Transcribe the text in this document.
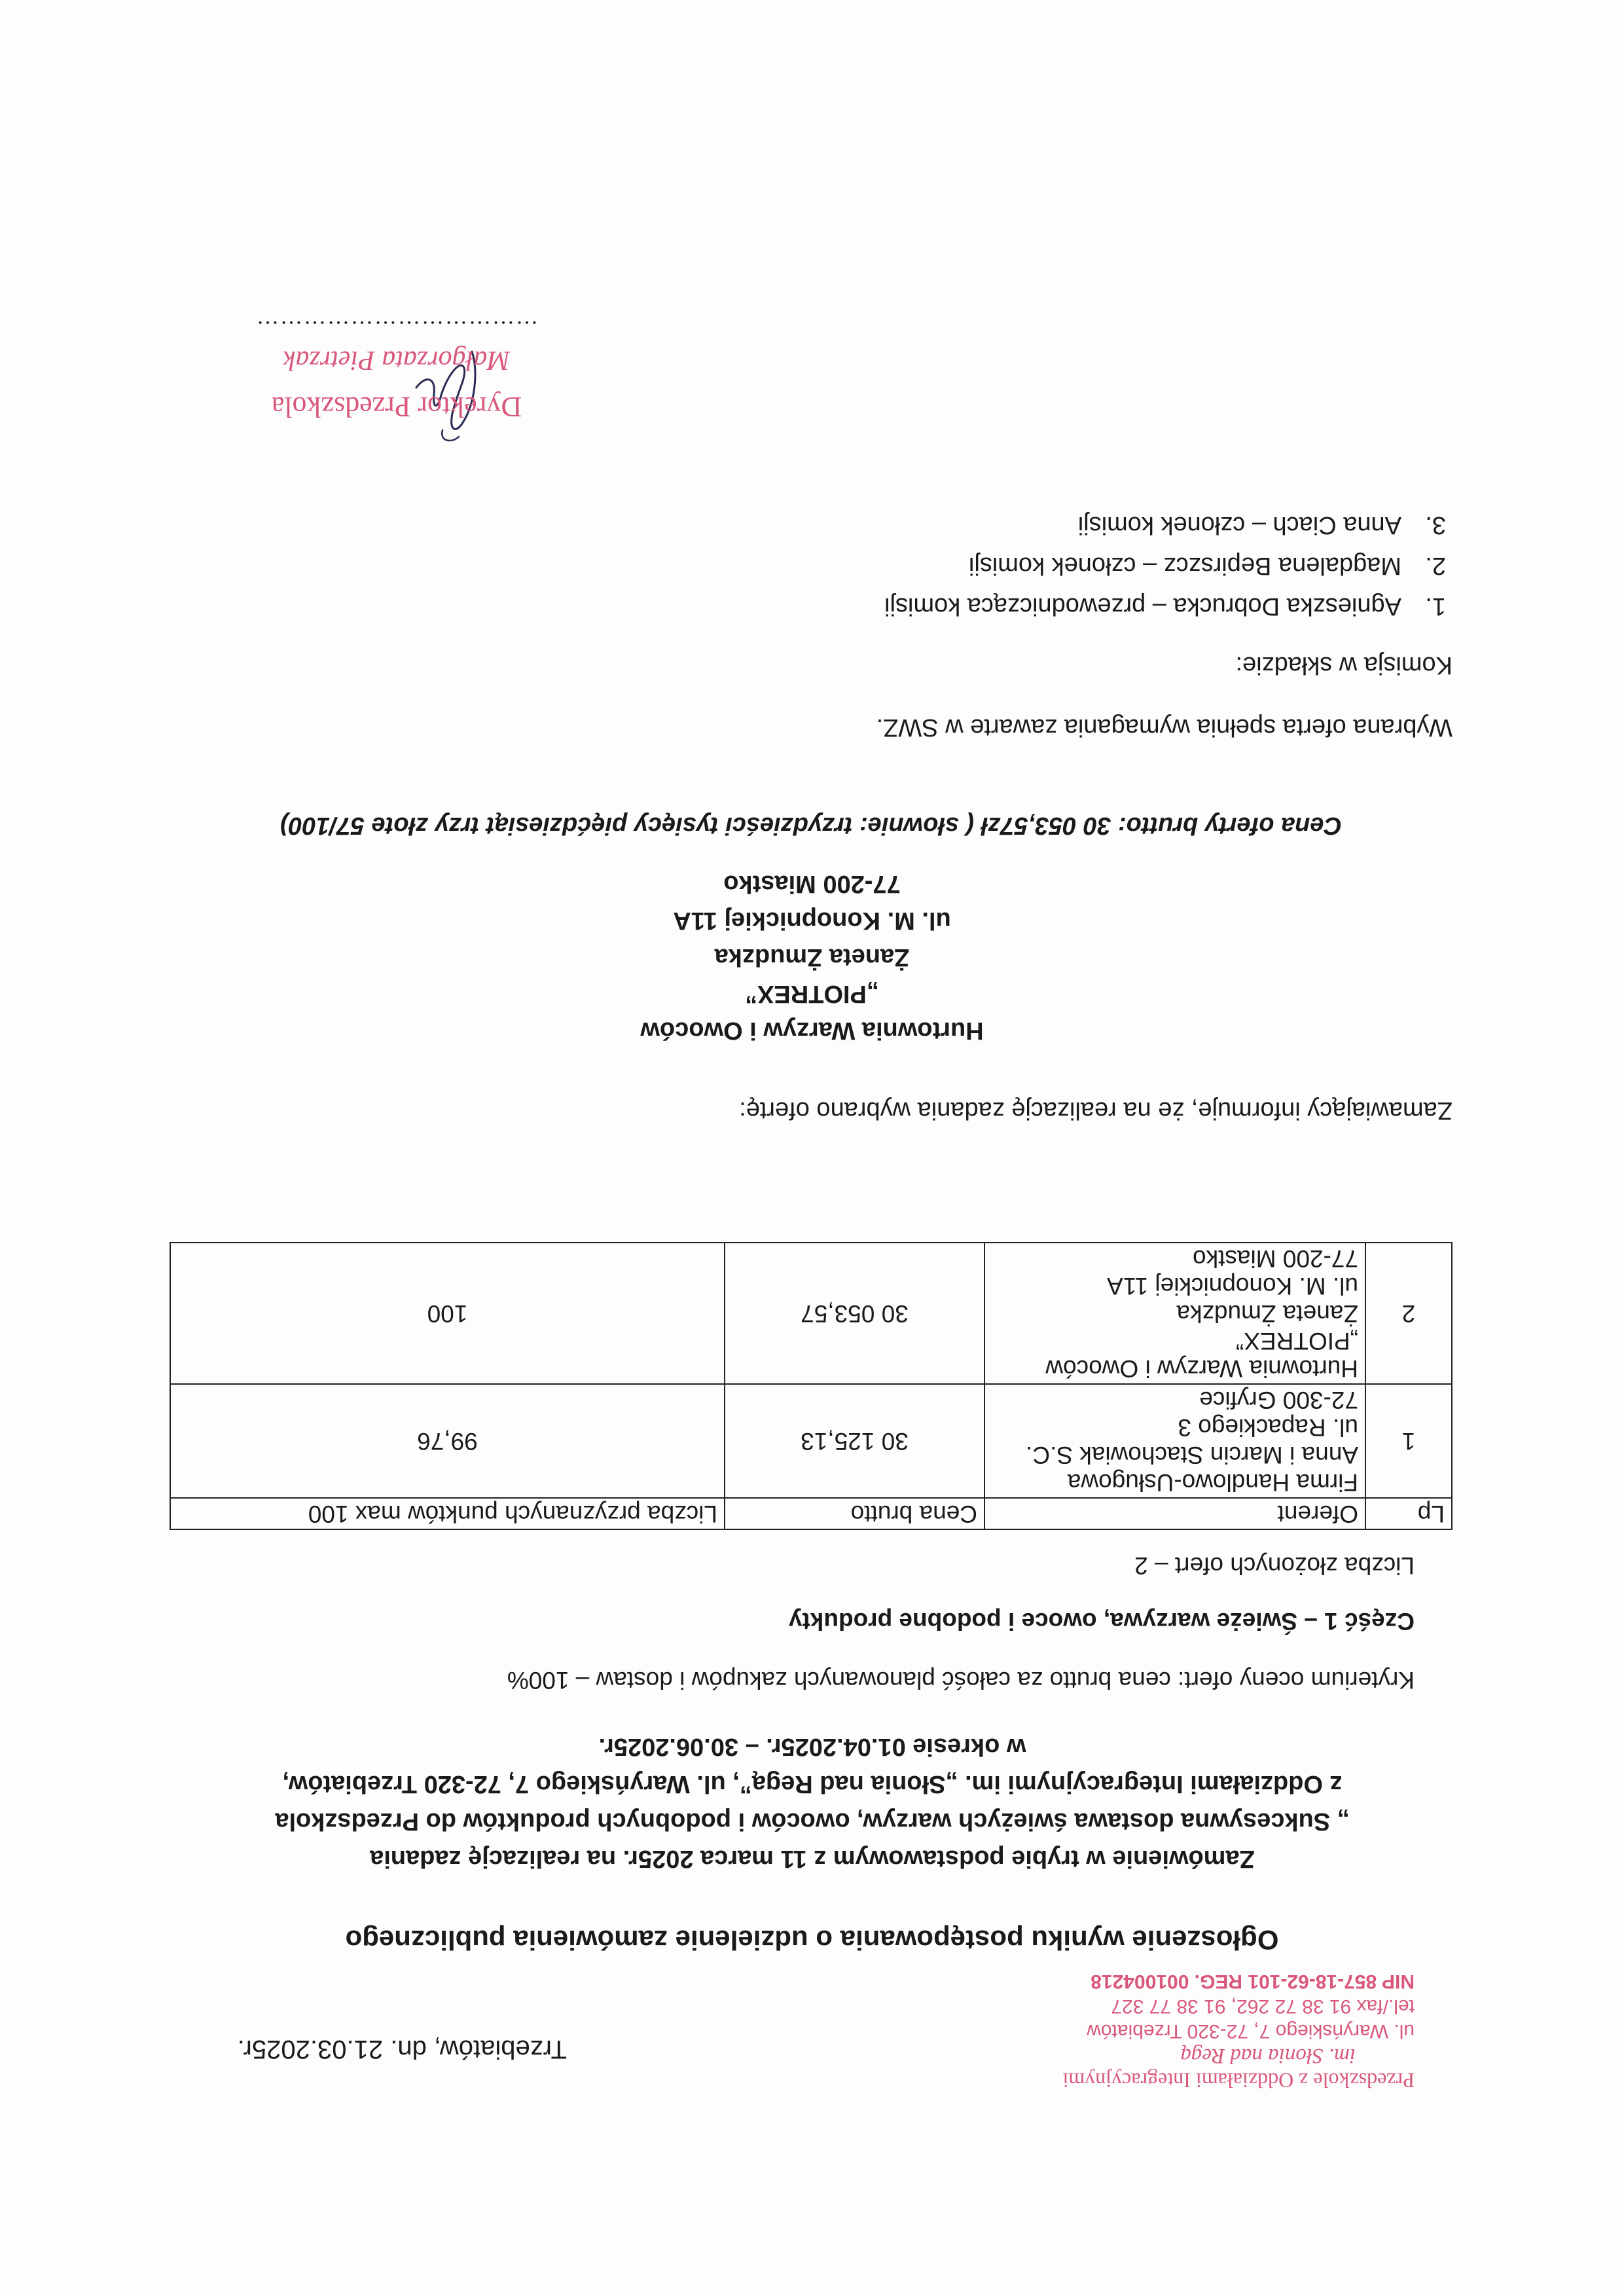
Przedszkole z Oddziałami Integracyjnymi
im. Słonia nad Regą
ul. Waryńskiego 7, 72-320 Trzebiatów
tel./fax 91 38 72 262, 91 38 77 327
NIP 857-18-62-101 REG. 001004218
Trzebiatów, dn. 21.03.2025r.
Ogłoszenie wyniku postępowania o udzielenie zamówienia publicznego
Zamówienie w trybie podstawowym z 11 marca 2025r. na realizację zadania
„ Sukcesywna dostawa świeżych warzyw, owoców i podobnych produktów do Przedszkola
z Oddziałami Integracyjnymi im. „Słonia nad Regą”, ul. Waryńskiego 7, 72-320 Trzebiatów,
w okresie 01.04.2025r. – 30.06.2025r.
Kryterium oceny ofert: cena brutto za całość planowanych zakupów i dostaw – 100%
Część 1 – Świeże warzywa, owoce i podobne produkty
Liczba złożonych ofert – 2
Lp	Oferent	Cena brutto	Liczba przyznanych punktów max 100
1	Firma Handlowo-Usługowa
Anna i Marcin Stachowiak S.C.
ul. Rapackiego 3
72-300 Gryfice	30 125,13	99,76
2	Hurtownia Warzyw i Owoców
„PIOTREX”
Żaneta Żmudzka
ul. M. Konopnickiej 11A
77-200 Miastko	30 053,57	100
Zamawiający informuje, że na realizację zadania wybrano ofertę:
Hurtownia Warzyw i Owoców
„PIOTREX”
Żaneta Żmudzka
ul. M. Konopnickiej 11A
77-200 Miastko
Cena oferty brutto: 30 053,57zł ( słownie: trzydzieści tysięcy pięćdziesiąt trzy złote 57/100)
Wybrana oferta spełnia wymagania zawarte w SWZ.
Komisja w składzie:
1.Agnieszka Dobrucka – przewodnicząca komisji
2.Magdalena Bepirszcz – członek komisji
3.Anna Ciach – członek komisji
Dyrektor Przedszkola
Małgorzata Pietrzak
………………………………
